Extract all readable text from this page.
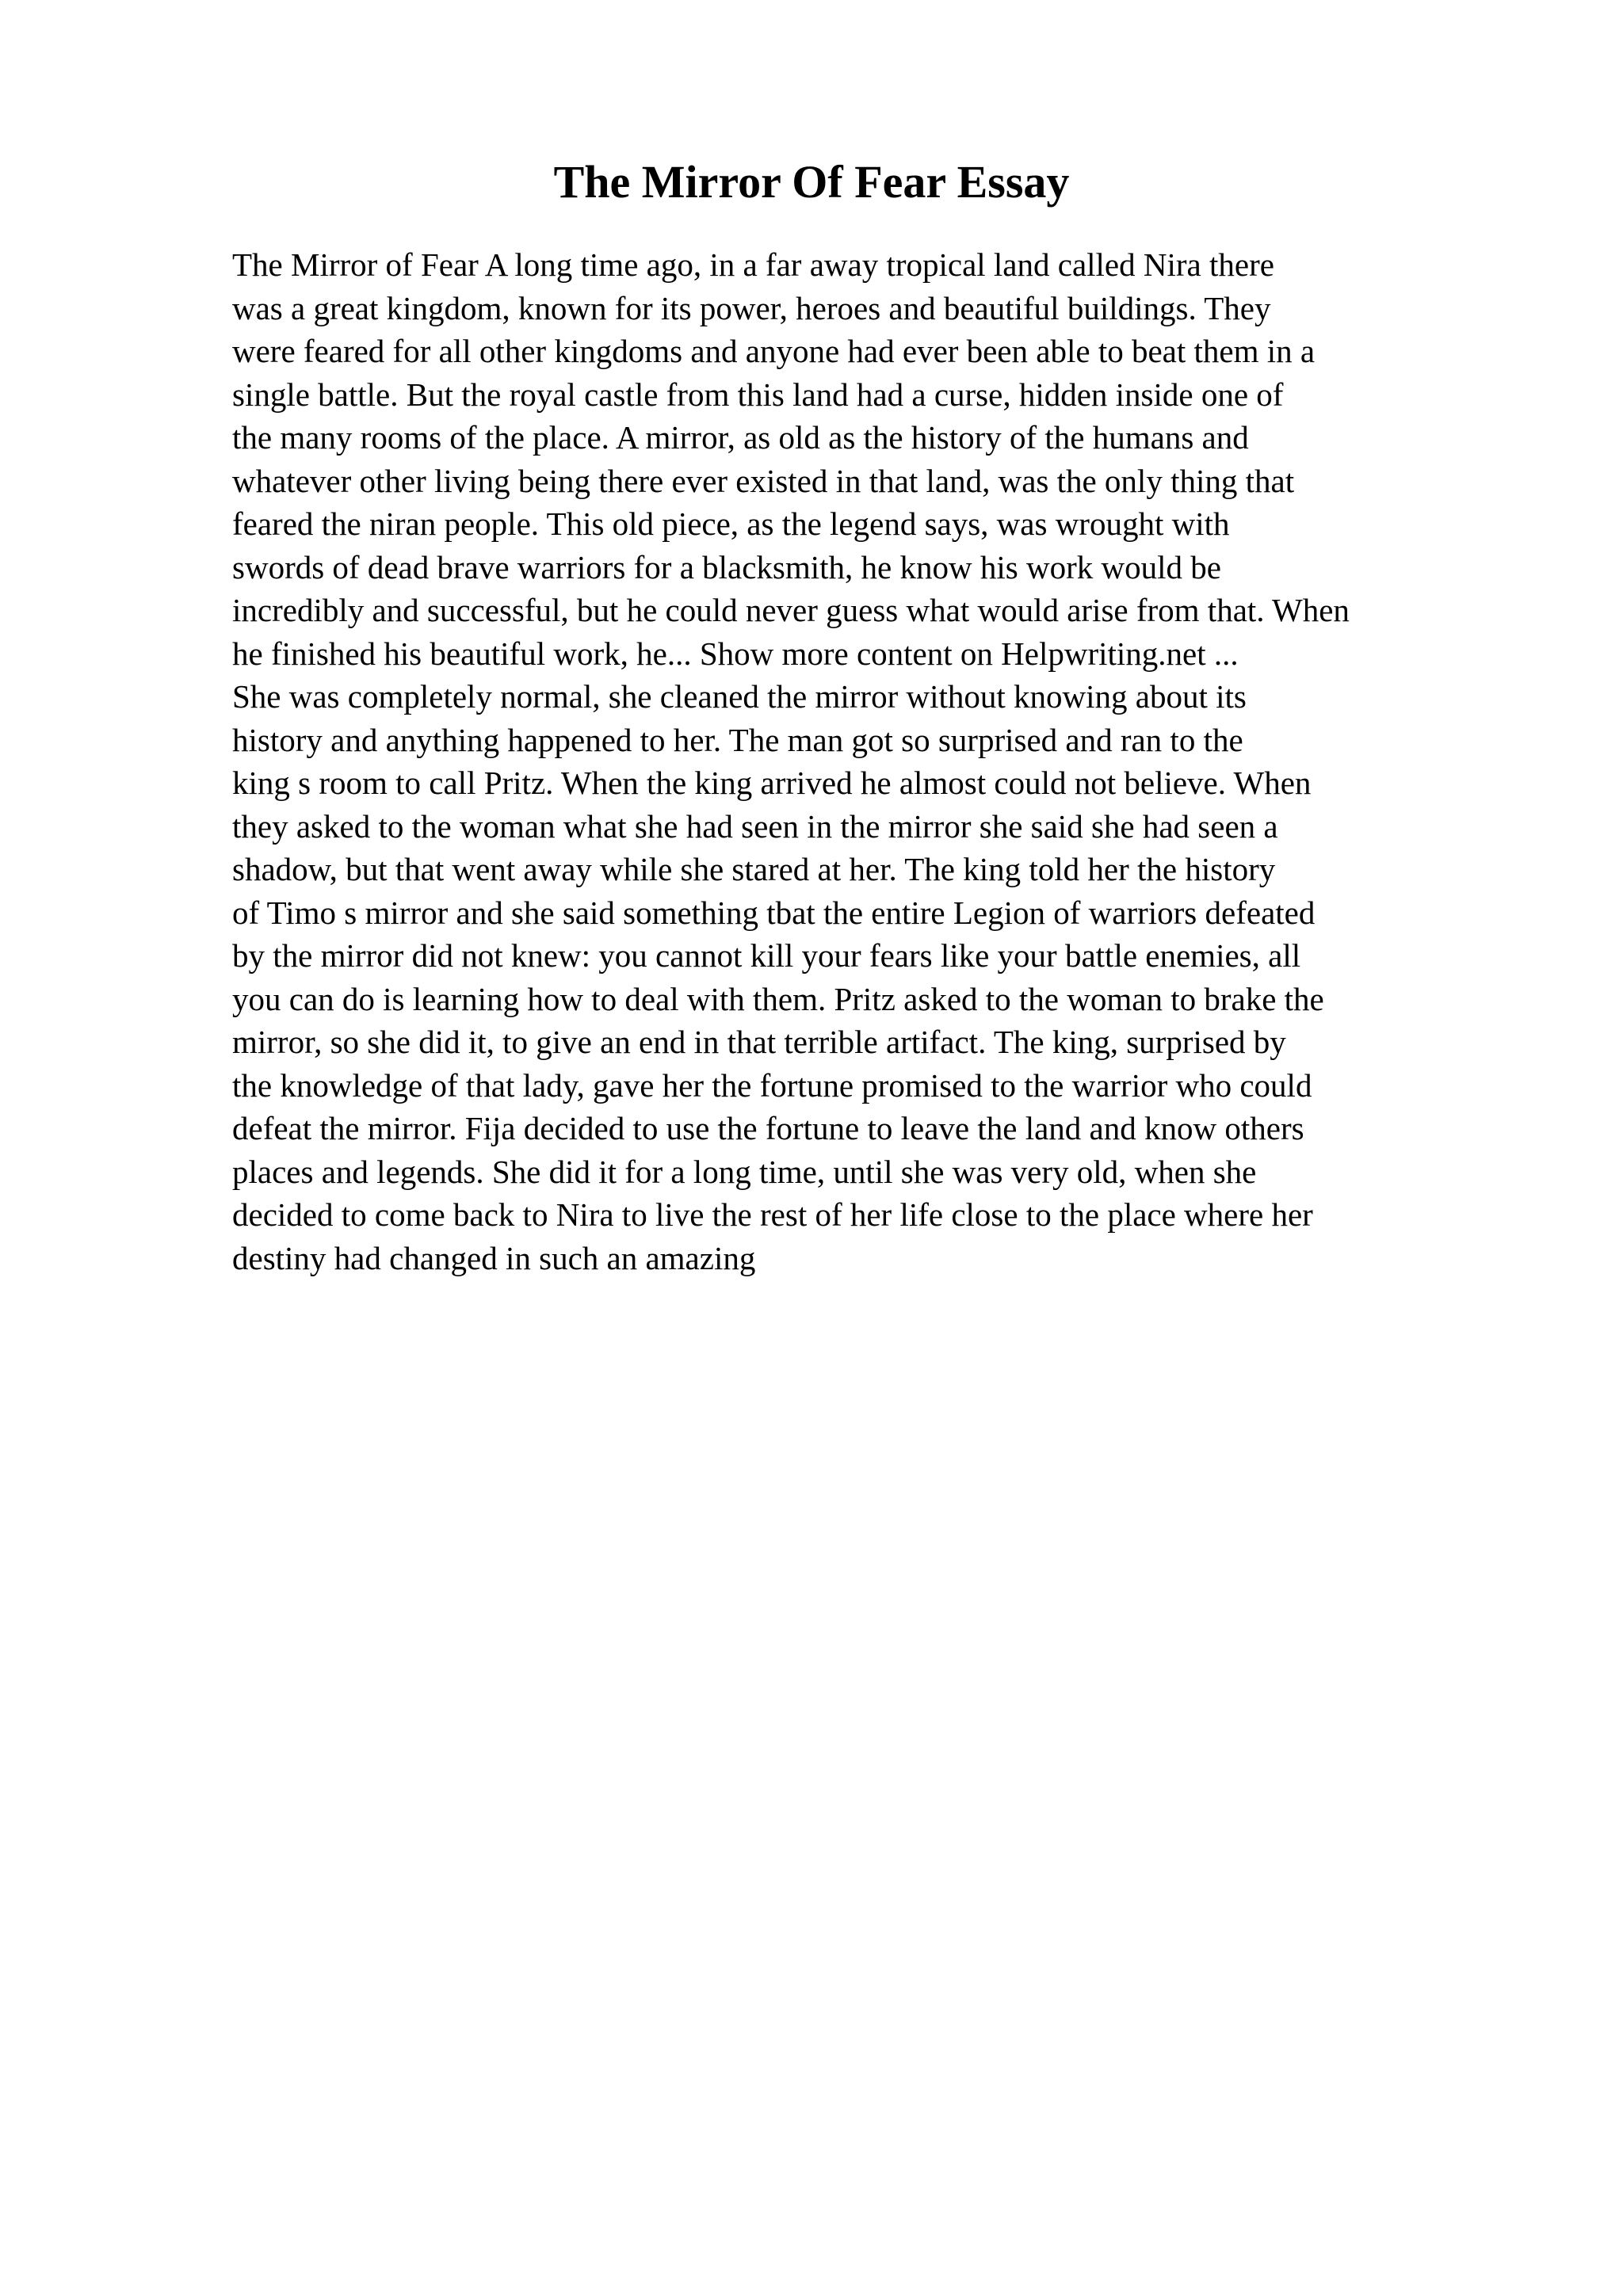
The Mirror Of Fear Essay
The Mirror of Fear A long time ago, in a far away tropical land called Nira there
was a great kingdom, known for its power, heroes and beautiful buildings. They
were feared for all other kingdoms and anyone had ever been able to beat them in a
single battle. But the royal castle from this land had a curse, hidden inside one of
the many rooms of the place. A mirror, as old as the history of the humans and
whatever other living being there ever existed in that land, was the only thing that
feared the niran people. This old piece, as the legend says, was wrought with
swords of dead brave warriors for a blacksmith, he know his work would be
incredibly and successful, but he could never guess what would arise from that. When
he finished his beautiful work, he... Show more content on Helpwriting.net ...
She was completely normal, she cleaned the mirror without knowing about its
history and anything happened to her. The man got so surprised and ran to the
king s room to call Pritz. When the king arrived he almost could not believe. When
they asked to the woman what she had seen in the mirror she said she had seen a
shadow, but that went away while she stared at her. The king told her the history
of Timo s mirror and she said something tbat the entire Legion of warriors defeated
by the mirror did not knew: you cannot kill your fears like your battle enemies, all
you can do is learning how to deal with them. Pritz asked to the woman to brake the
mirror, so she did it, to give an end in that terrible artifact. The king, surprised by
the knowledge of that lady, gave her the fortune promised to the warrior who could
defeat the mirror. Fija decided to use the fortune to leave the land and know others
places and legends. She did it for a long time, until she was very old, when she
decided to come back to Nira to live the rest of her life close to the place where her
destiny had changed in such an amazing
